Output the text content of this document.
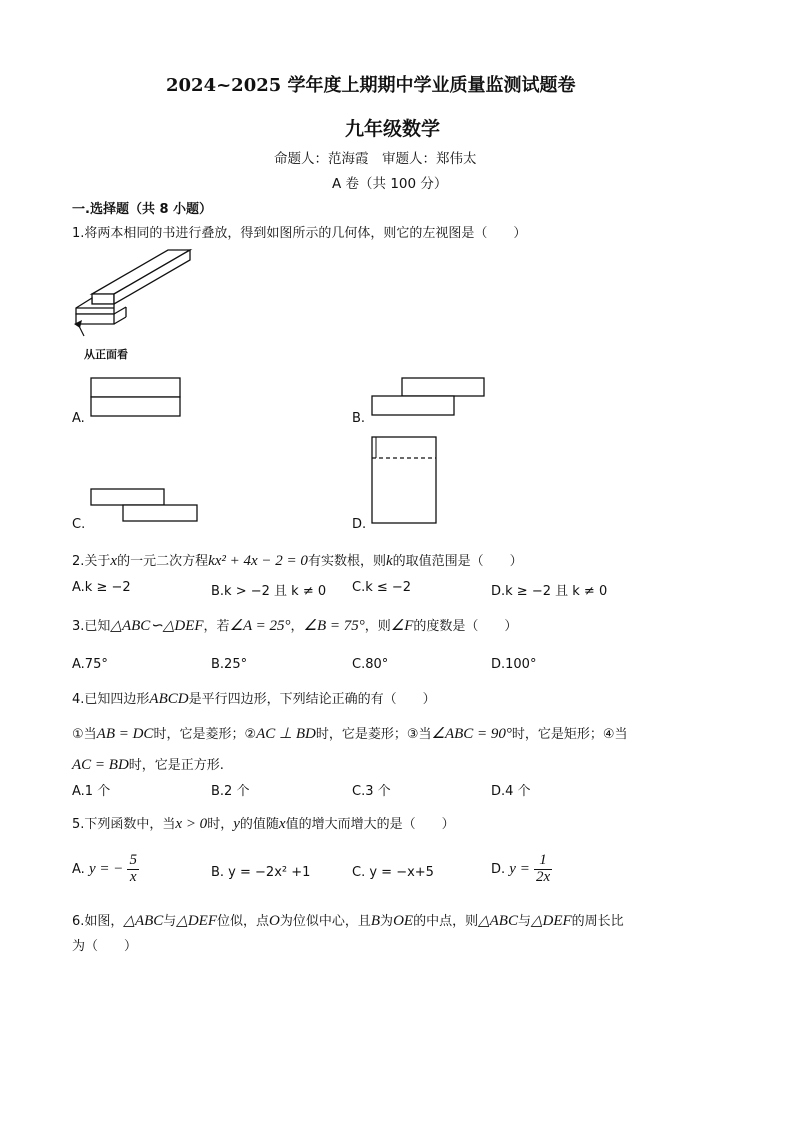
2024~2025 学年度上期期中学业质量监测试题卷
九年级数学
命题人：范海霞　审题人：郑伟太
A 卷（共 100 分）
一.选择题（共 8 小题）
1.将两本相同的书进行叠放，得到如图所示的几何体，则它的左视图是（　　）
从正面看
A.	B.
C.	D.
2.关于x的一元二次方程kx² + 4x − 2 = 0有实数根，则k的取值范围是（　　）
A.k ≥ −2	B.k > −2 且 k ≠ 0 C.k ≤ −2	D.k ≥ −2 且 k ≠ 0
3.已知△ABC∽△DEF，若∠A = 25°，∠B = 75°，则∠F的度数是（　　）
A.75°	B.25°	C.80°	D.100°
4.已知四边形ABCD是平行四边形，下列结论正确的有（　　）
①当AB = DC时，它是菱形；②AC ⊥ BD时，它是菱形；③当∠ABC = 90°时，它是矩形；④当
AC = BD时，它是正方形.
A.1 个	B.2 个	C.3 个	D.4 个
5.下列函数中，当x > 0时，y的值随x值的增大而增大的是（　　）
A. y = − $\frac{5}{x}$	B. y = −2x² +1	C. y = −x+5	D. $y = \frac{1}{2x}$
6.如图，△ABC与△DEF位似，点O为位似中心，且B为OE的中点，则△ABC与△DEF的周长比
为（　　）
